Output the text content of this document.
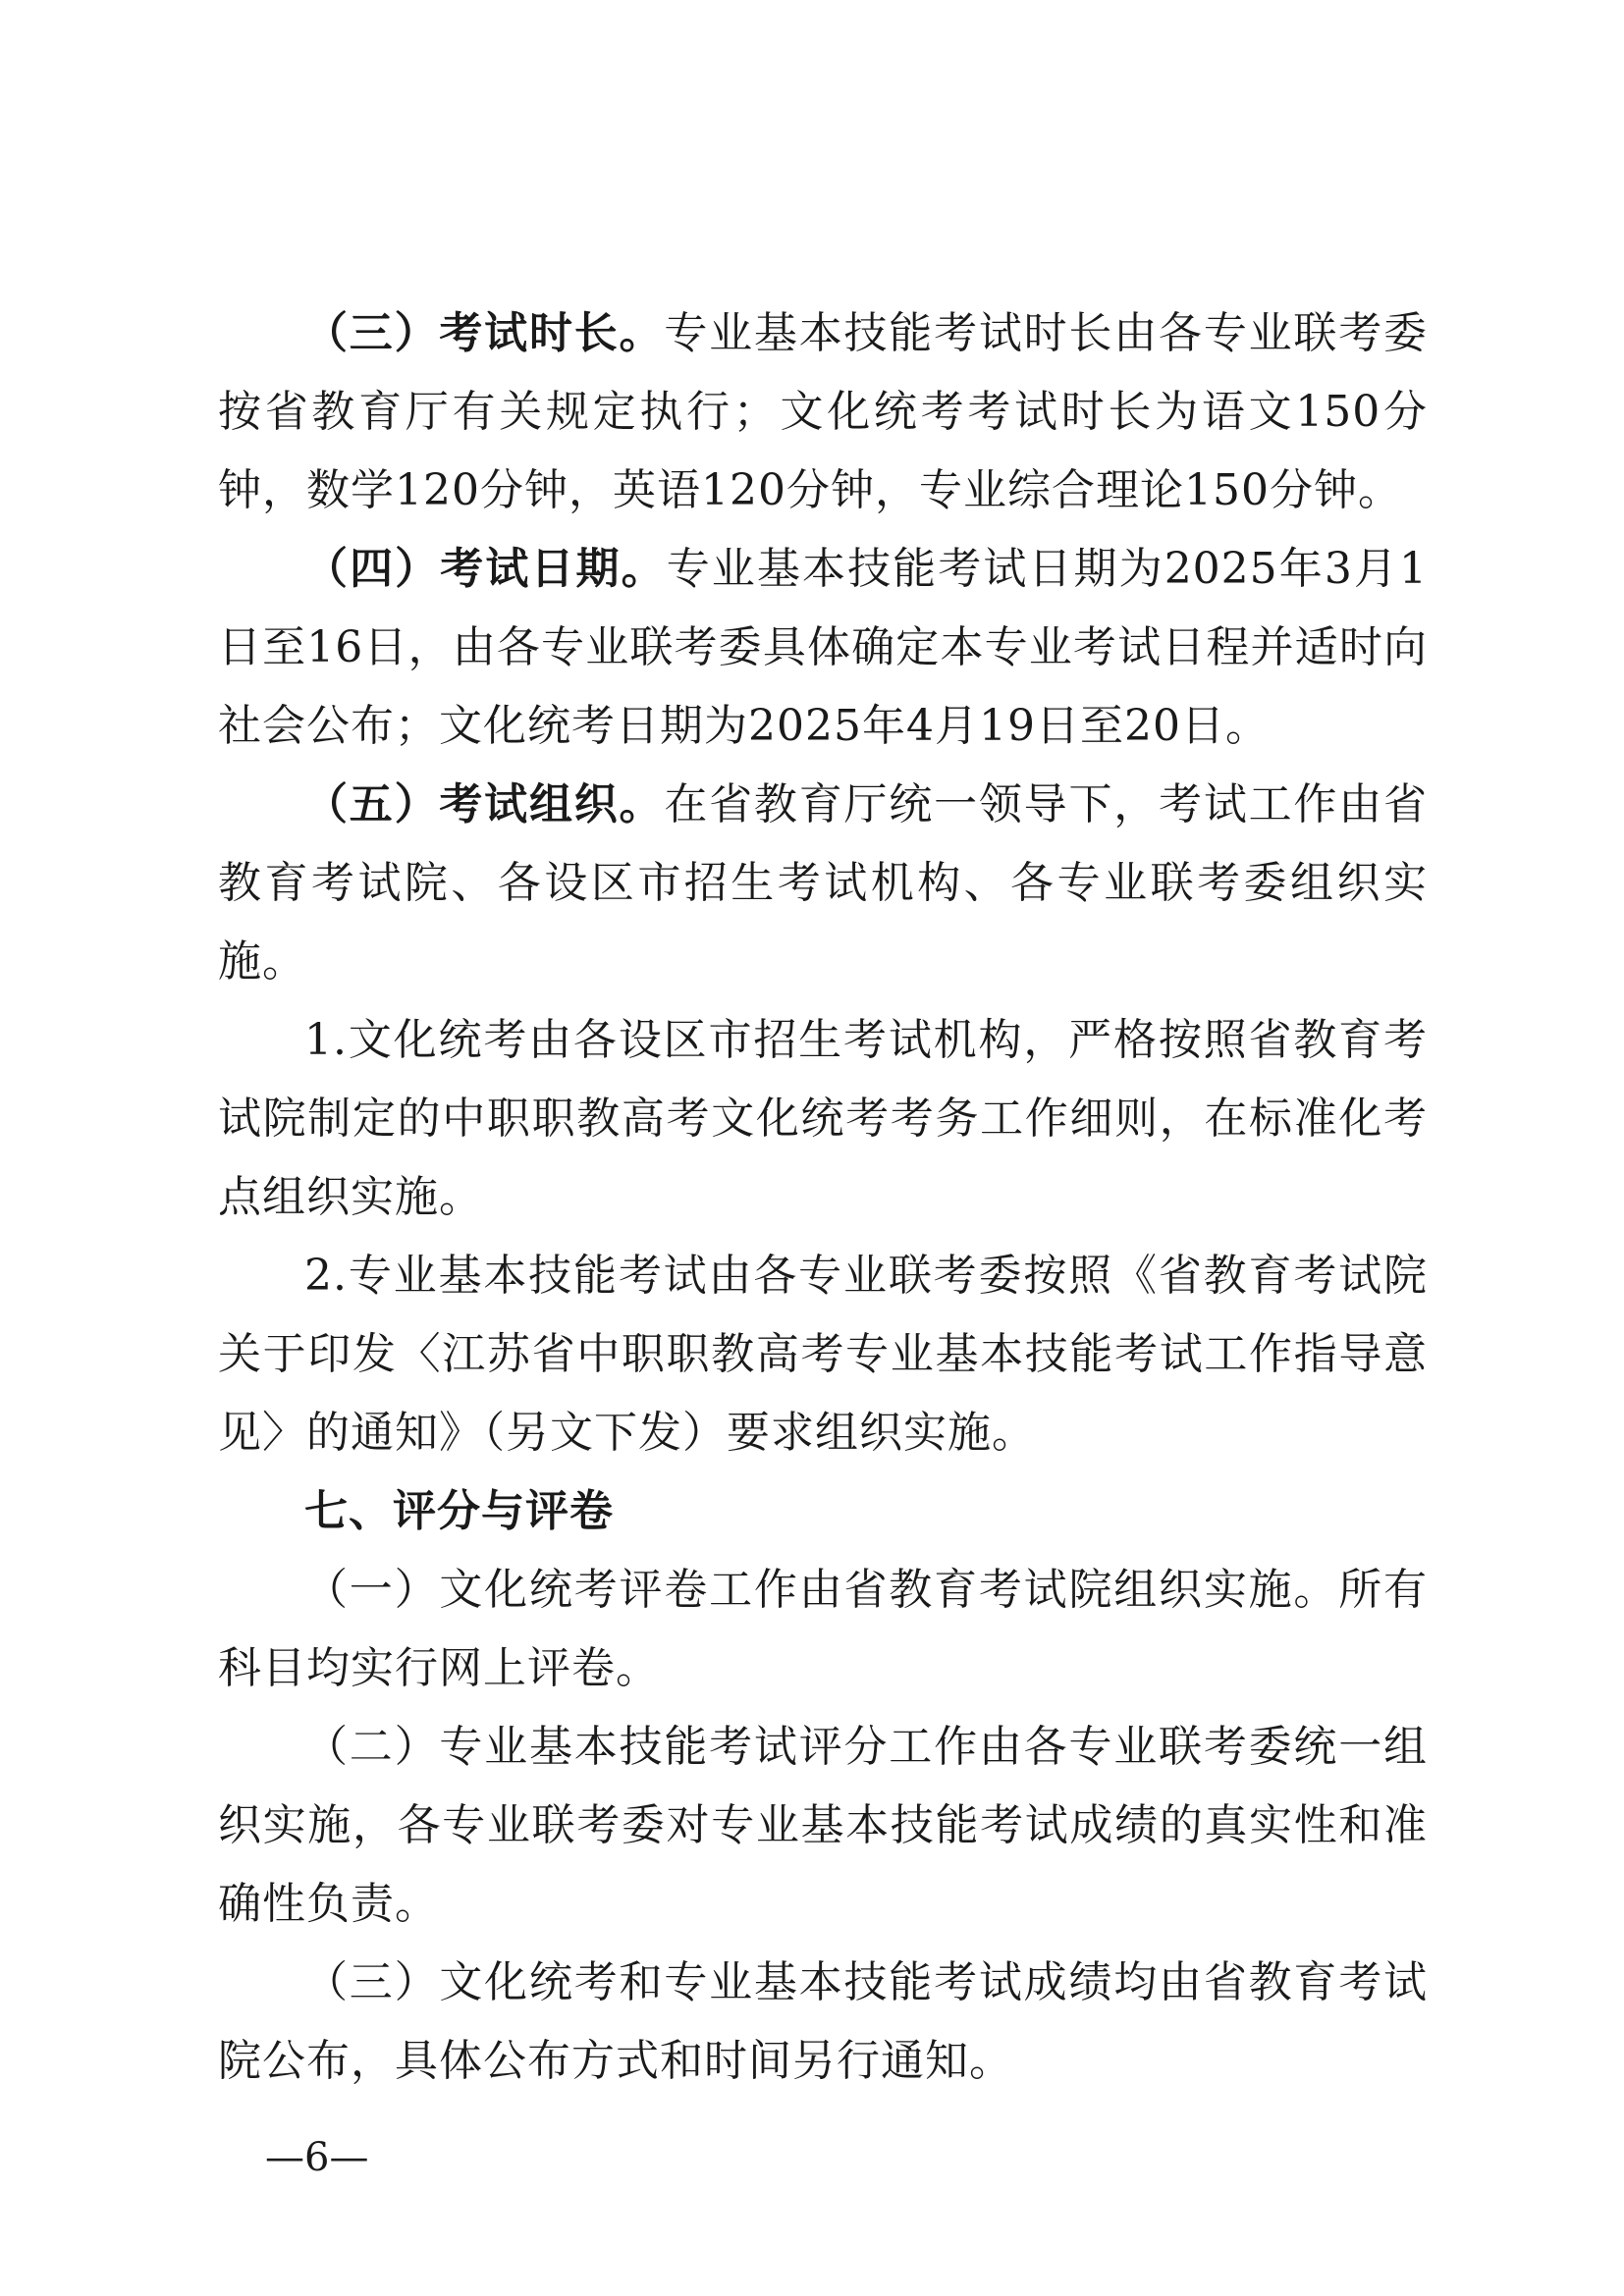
（三）考试时长。专业基本技能考试时长由各专业联考委按省教育厅有关规定执行；文化统考考试时长为语文150分钟，数学120分钟，英语120分钟，专业综合理论150分钟。

（四）考试日期。专业基本技能考试日期为2025年3月1日至16日，由各专业联考委具体确定本专业考试日程并适时向社会公布；文化统考日期为2025年4月19日至20日。

（五）考试组织。在省教育厅统一领导下，考试工作由省教育考试院、各设区市招生考试机构、各专业联考委组织实施。

1.文化统考由各设区市招生考试机构，严格按照省教育考试院制定的中职职教高考文化统考考务工作细则，在标准化考点组织实施。

2.专业基本技能考试由各专业联考委按照《省教育考试院关于印发〈江苏省中职职教高考专业基本技能考试工作指导意见〉的通知》（另文下发）要求组织实施。

七、评分与评卷

（一）文化统考评卷工作由省教育考试院组织实施。所有科目均实行网上评卷。

（二）专业基本技能考试评分工作由各专业联考委统一组织实施，各专业联考委对专业基本技能考试成绩的真实性和准确性负责。

（三）文化统考和专业基本技能考试成绩均由省教育考试院公布，具体公布方式和时间另行通知。

—6—
